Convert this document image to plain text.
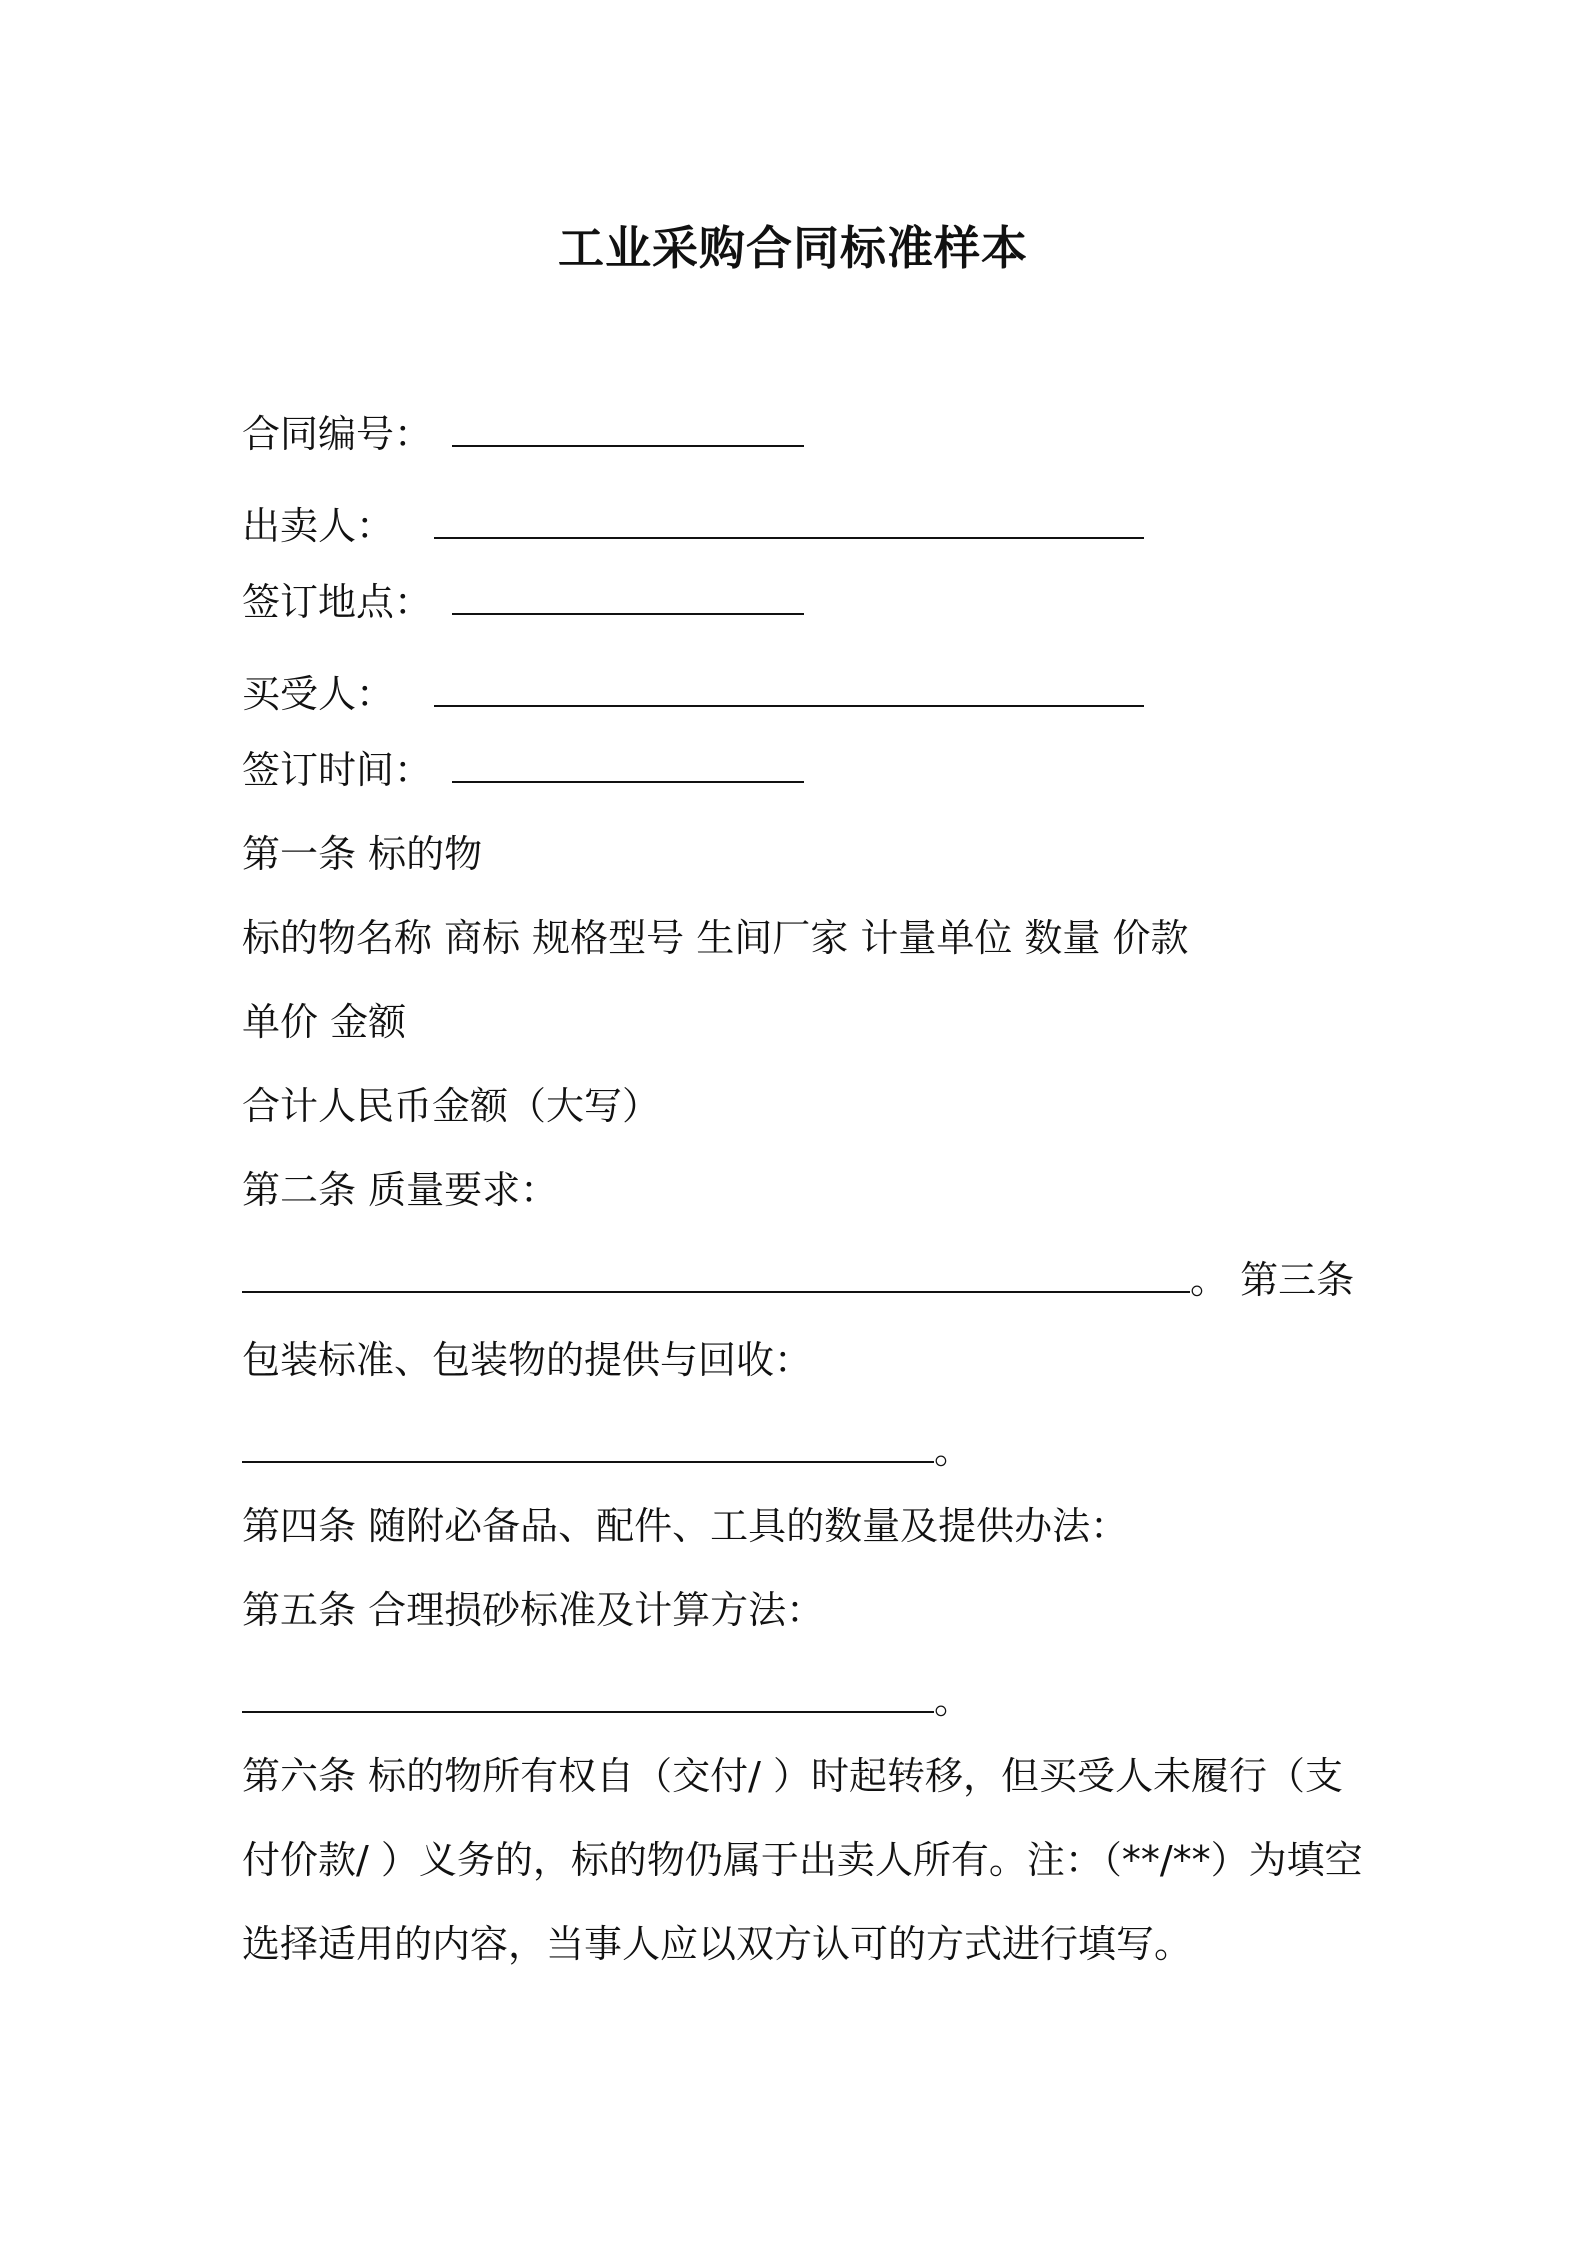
工业采购合同标准样本
合同编号：
出卖人：
签订地点：
买受人：
签订时间：
第一条 标的物
标的物名称 商标 规格型号 生间厂家 计量单位 数量 价款
单价 金额
合计人民币金额（大写）
第二条 质量要求：
。 第三条
包装标准、包装物的提供与回收：
。
第四条 随附必备品、配件、工具的数量及提供办法：
第五条 合理损砂标准及计算方法：
。
第六条 标的物所有权自（交付/ ）时起转移，但买受人未履行（支
付价款/ ）义务的，标的物仍属于出卖人所有。注：（**/**）为填空
选择适用的内容，当事人应以双方认可的方式进行填写。
